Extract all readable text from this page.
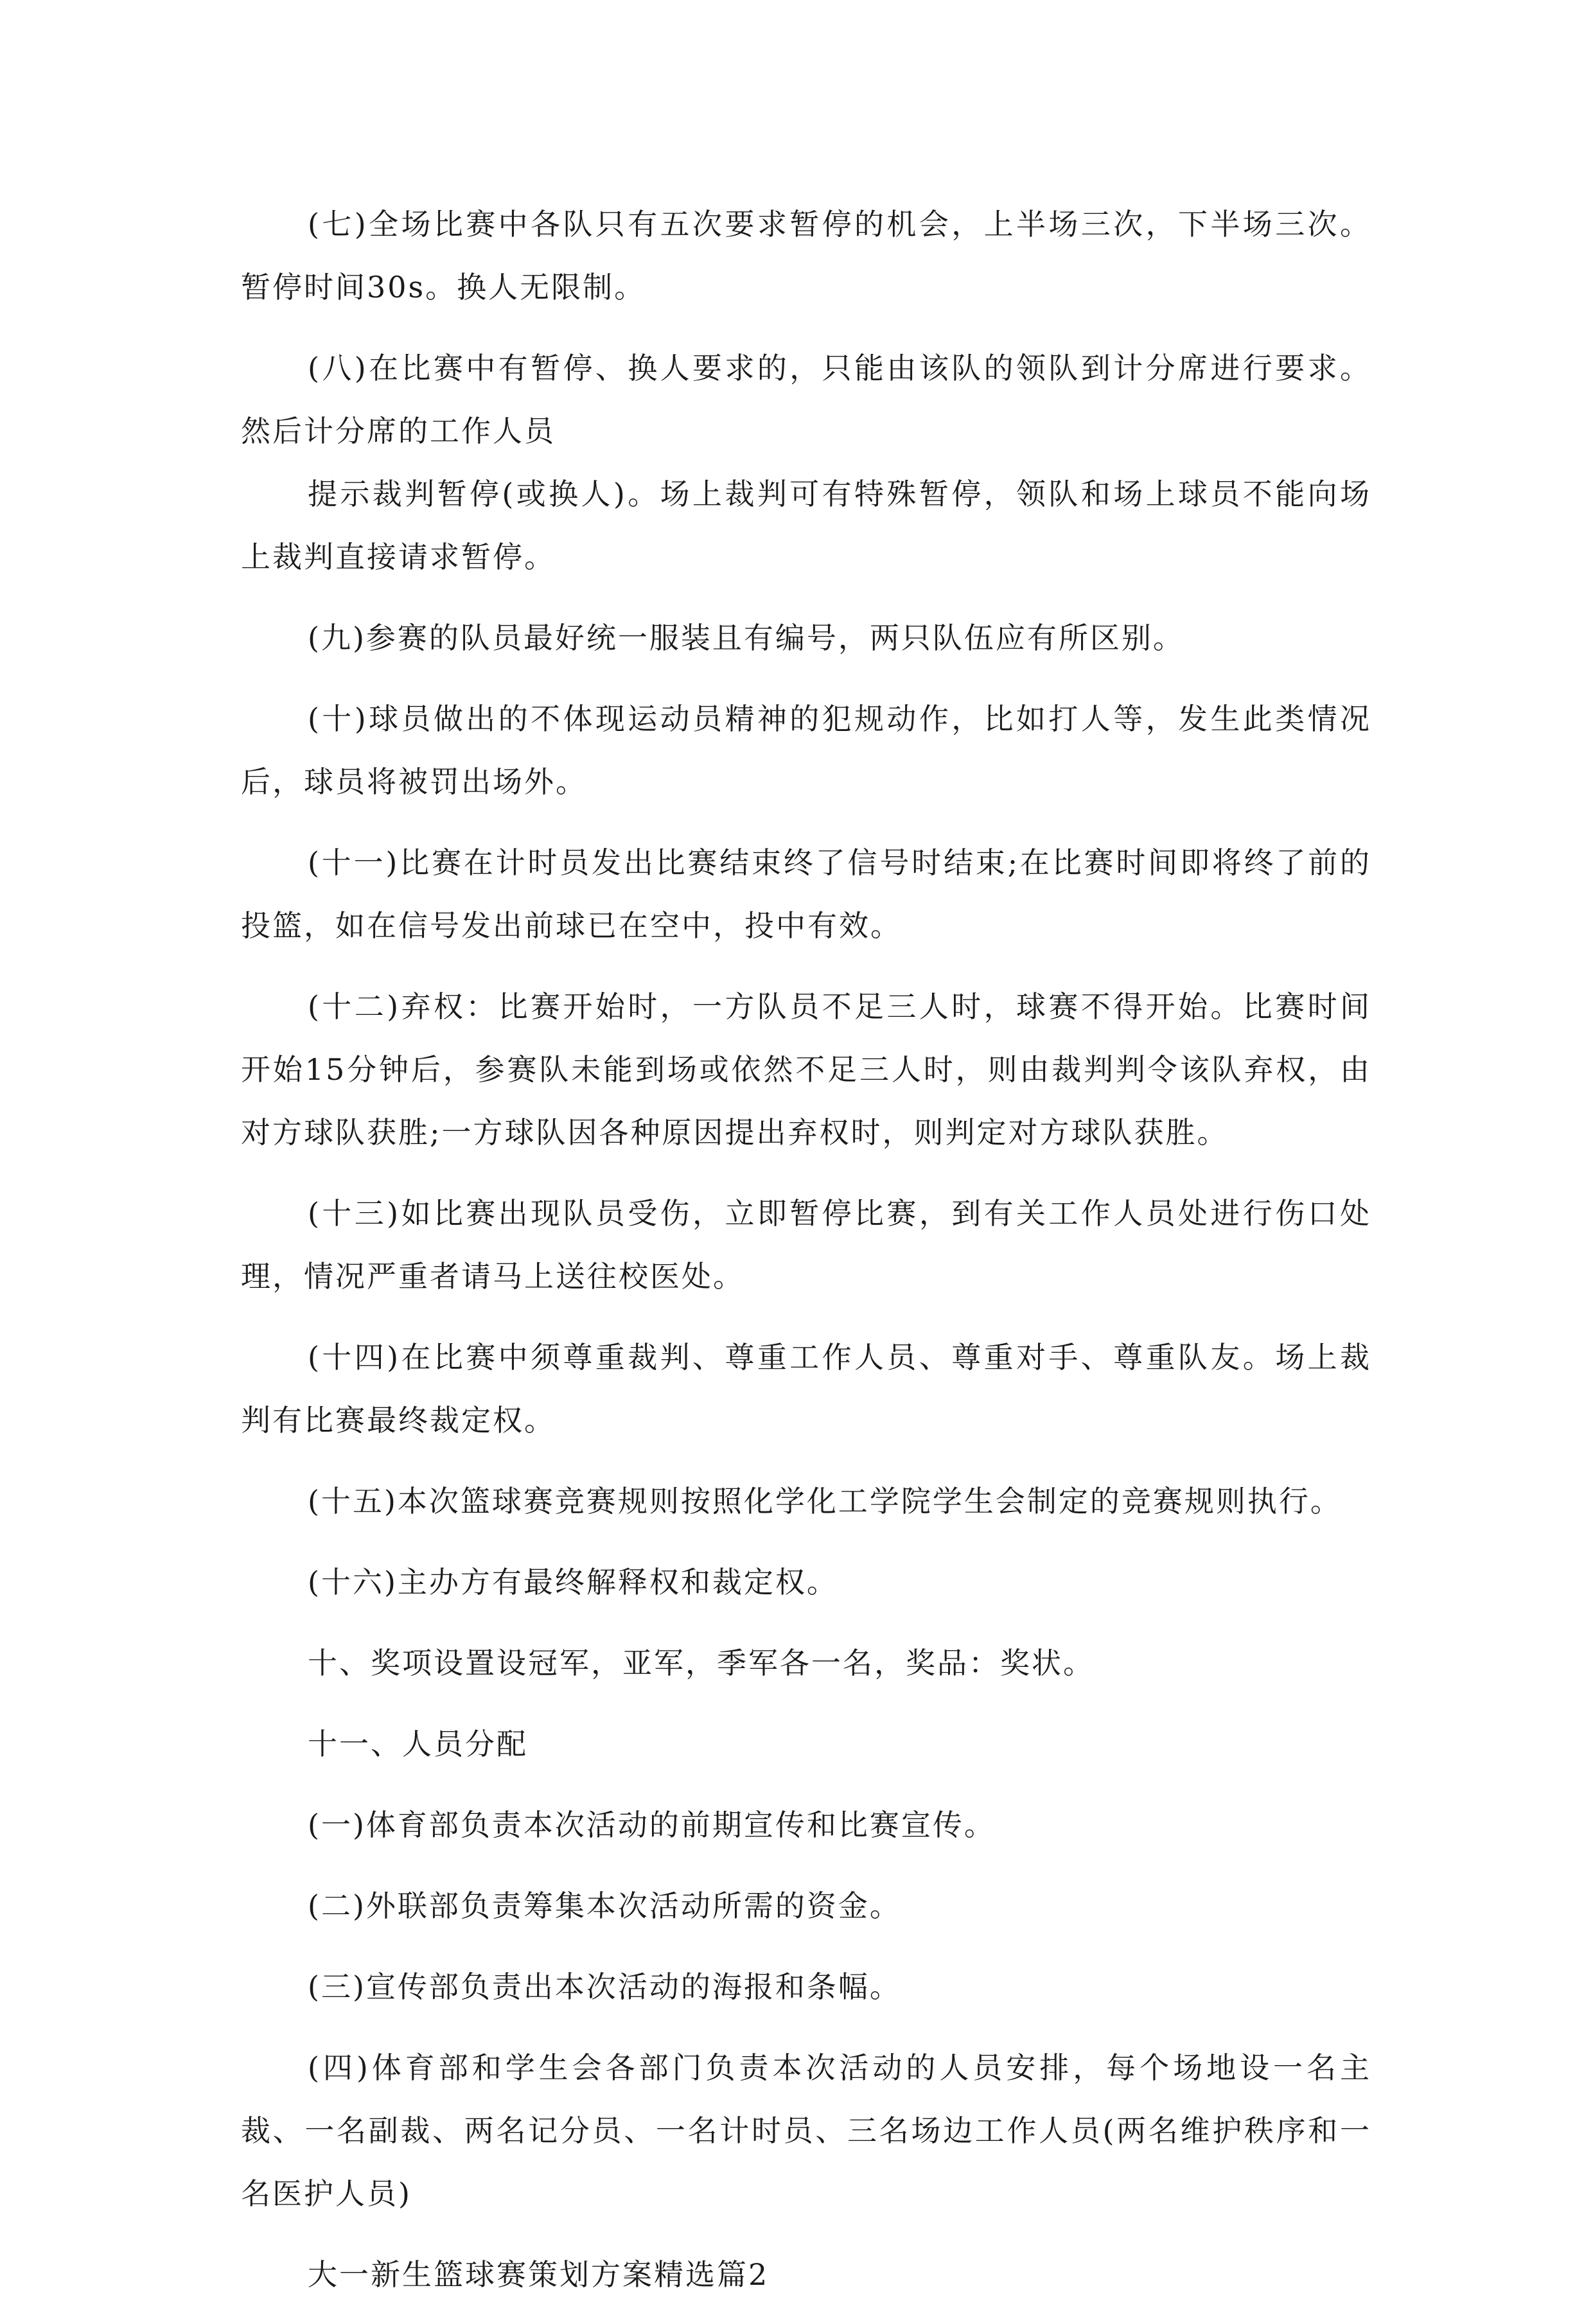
(七)全场比赛中各队只有五次要求暂停的机会，上半场三次，下半场三次。暂停时间30s。换人无限制。

(八)在比赛中有暂停、换人要求的，只能由该队的领队到计分席进行要求。然后计分席的工作人员

提示裁判暂停(或换人)。场上裁判可有特殊暂停，领队和场上球员不能向场上裁判直接请求暂停。

(九)参赛的队员最好统一服装且有编号，两只队伍应有所区别。

(十)球员做出的不体现运动员精神的犯规动作，比如打人等，发生此类情况后，球员将被罚出场外。

(十一)比赛在计时员发出比赛结束终了信号时结束;在比赛时间即将终了前的投篮，如在信号发出前球已在空中，投中有效。

(十二)弃权：比赛开始时，一方队员不足三人时，球赛不得开始。比赛时间开始15分钟后，参赛队未能到场或依然不足三人时，则由裁判判令该队弃权，由对方球队获胜;一方球队因各种原因提出弃权时，则判定对方球队获胜。

(十三)如比赛出现队员受伤，立即暂停比赛，到有关工作人员处进行伤口处理，情况严重者请马上送往校医处。

(十四)在比赛中须尊重裁判、尊重工作人员、尊重对手、尊重队友。场上裁判有比赛最终裁定权。

(十五)本次篮球赛竞赛规则按照化学化工学院学生会制定的竞赛规则执行。

(十六)主办方有最终解释权和裁定权。

十、奖项设置设冠军，亚军，季军各一名，奖品：奖状。

十一、人员分配

(一)体育部负责本次活动的前期宣传和比赛宣传。

(二)外联部负责筹集本次活动所需的资金。

(三)宣传部负责出本次活动的海报和条幅。

(四)体育部和学生会各部门负责本次活动的人员安排，每个场地设一名主裁、一名副裁、两名记分员、一名计时员、三名场边工作人员(两名维护秩序和一名医护人员)

大一新生篮球赛策划方案精选篇2
